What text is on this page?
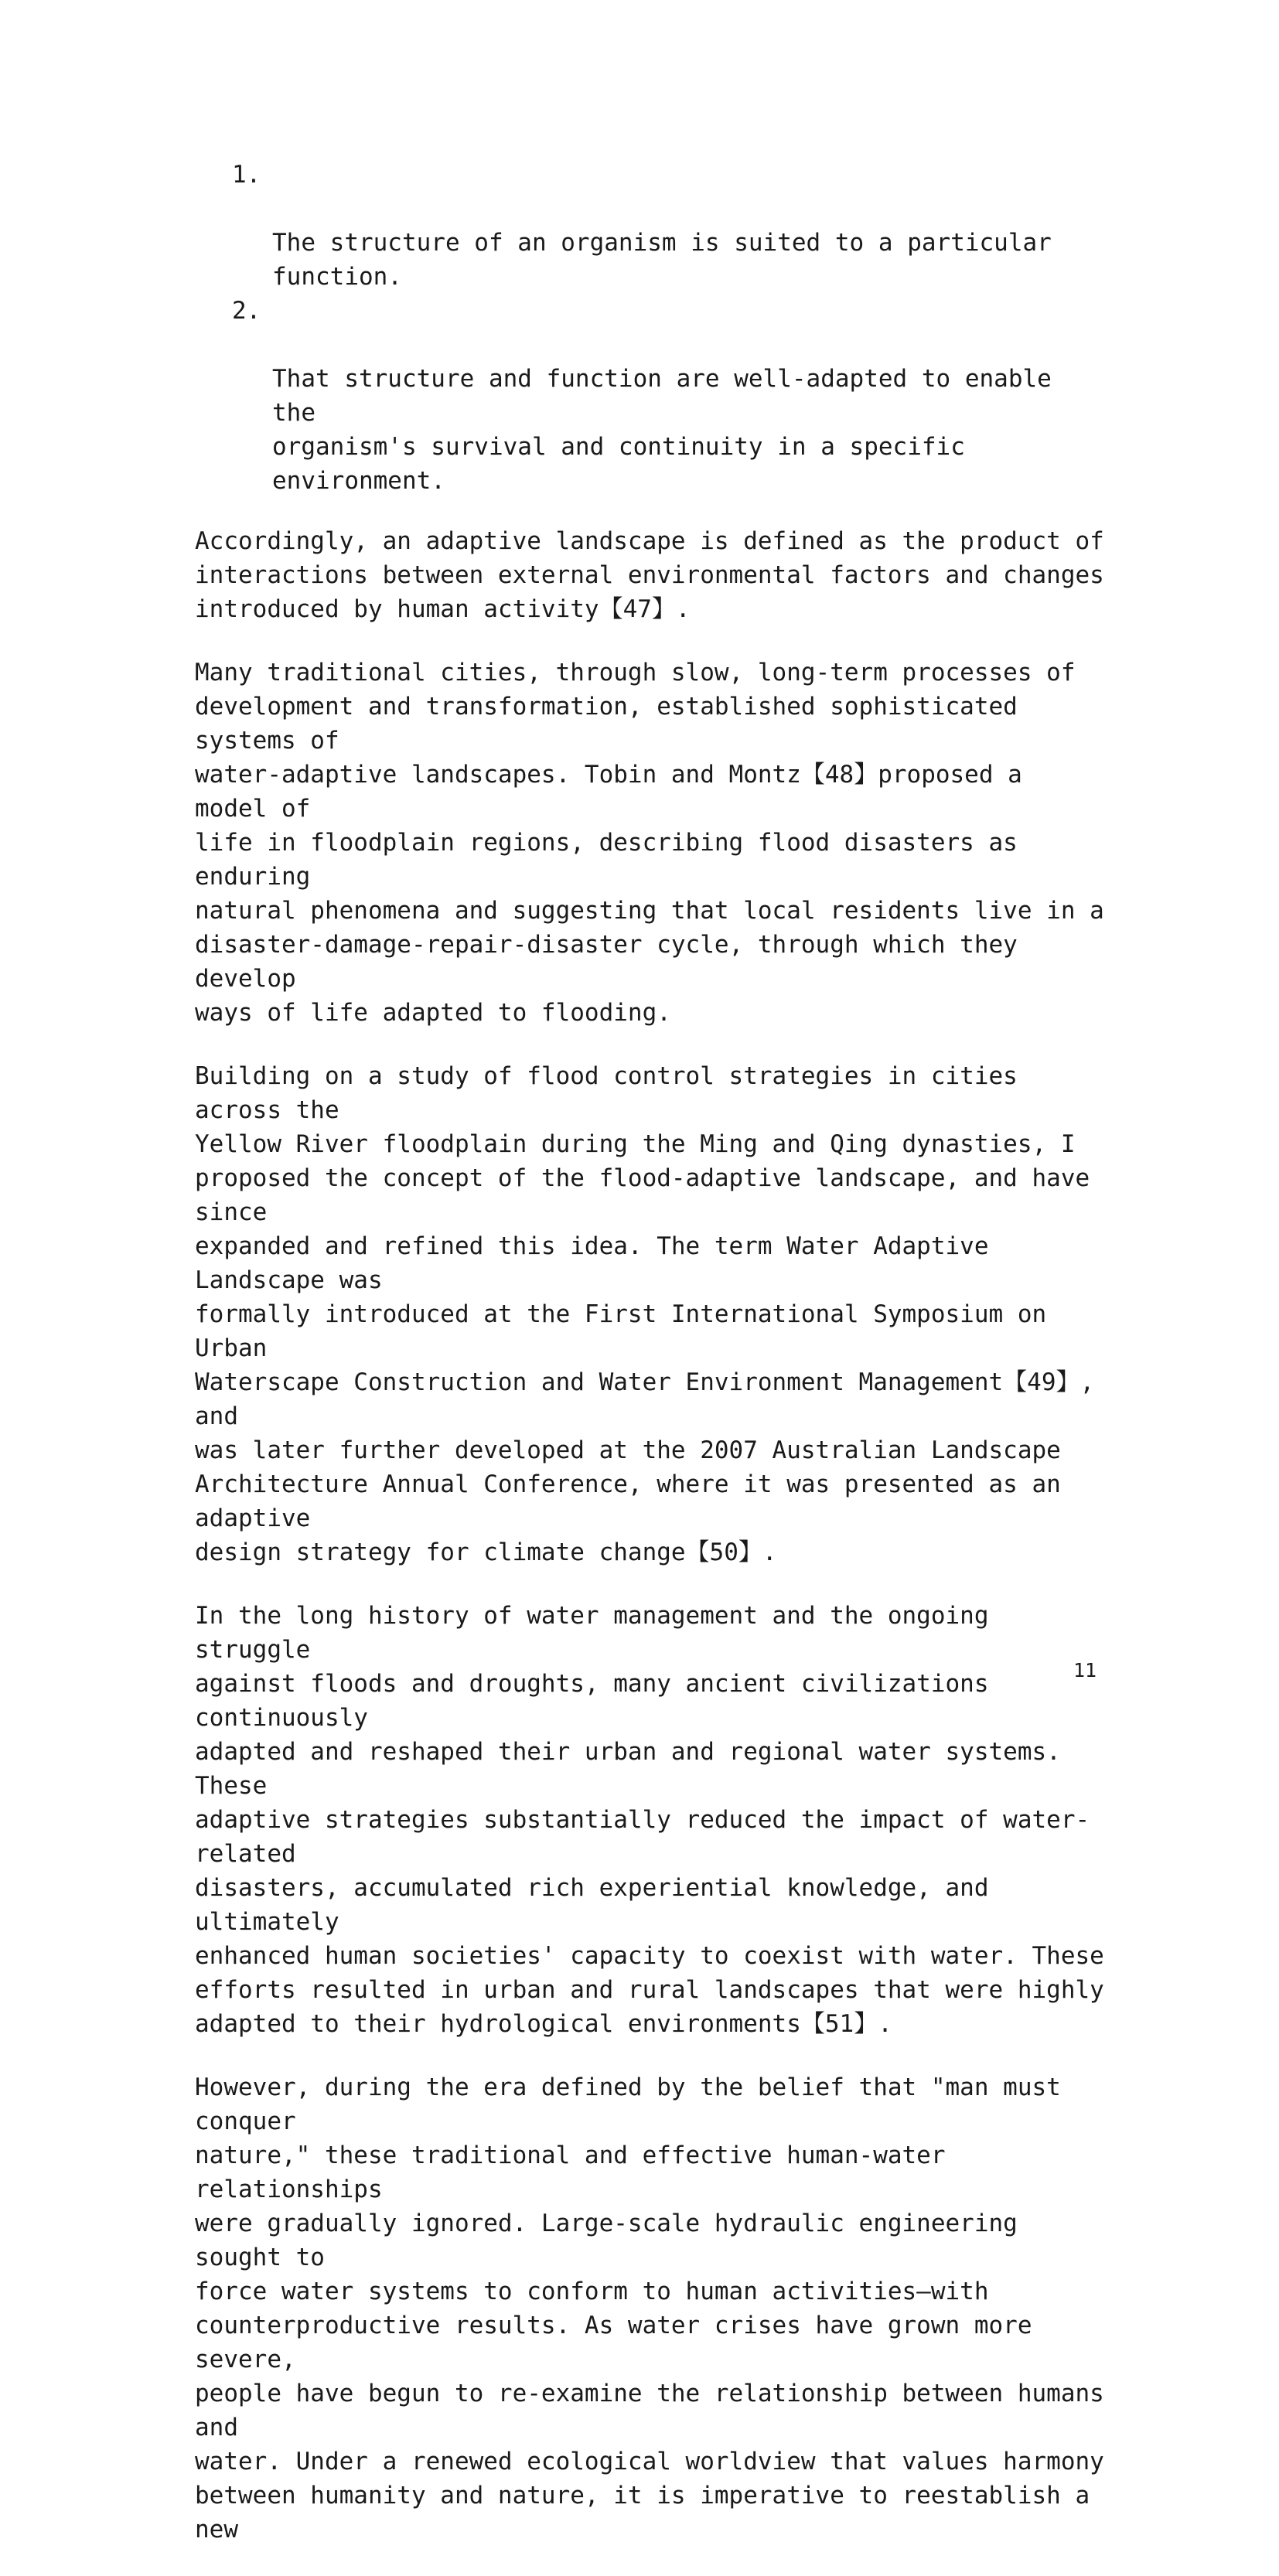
1.

The structure of an organism is suited to a particular
function.

2.

That structure and function are well-adapted to enable the
organism's survival and continuity in a specific environment.

Accordingly, an adaptive landscape is defined as the product of
interactions between external environmental factors and changes
introduced by human activity【47】.

Many traditional cities, through slow, long-term processes of
development and transformation, established sophisticated systems of
water-adaptive landscapes. Tobin and Montz【48】proposed a model of
life in floodplain regions, describing flood disasters as enduring
natural phenomena and suggesting that local residents live in a
disaster-damage-repair-disaster cycle, through which they develop
ways of life adapted to flooding.

Building on a study of flood control strategies in cities across the
Yellow River floodplain during the Ming and Qing dynasties, I
proposed the concept of the flood-adaptive landscape, and have since
expanded and refined this idea. The term Water Adaptive Landscape was
formally introduced at the First International Symposium on Urban
Waterscape Construction and Water Environment Management【49】, and
was later further developed at the 2007 Australian Landscape
Architecture Annual Conference, where it was presented as an adaptive
design strategy for climate change【50】.

In the long history of water management and the ongoing struggle
against floods and droughts, many ancient civilizations continuously
adapted and reshaped their urban and regional water systems. These
adaptive strategies substantially reduced the impact of water-related
disasters, accumulated rich experiential knowledge, and ultimately
enhanced human societies' capacity to coexist with water. These
efforts resulted in urban and rural landscapes that were highly
adapted to their hydrological environments【51】.

However, during the era defined by the belief that "man must conquer
nature," these traditional and effective human-water relationships
were gradually ignored. Large-scale hydraulic engineering sought to
force water systems to conform to human activities—with
counterproductive results. As water crises have grown more severe,
people have begun to re-examine the relationship between humans and
water. Under a renewed ecological worldview that values harmony
between humanity and nature, it is imperative to reestablish a new

11
